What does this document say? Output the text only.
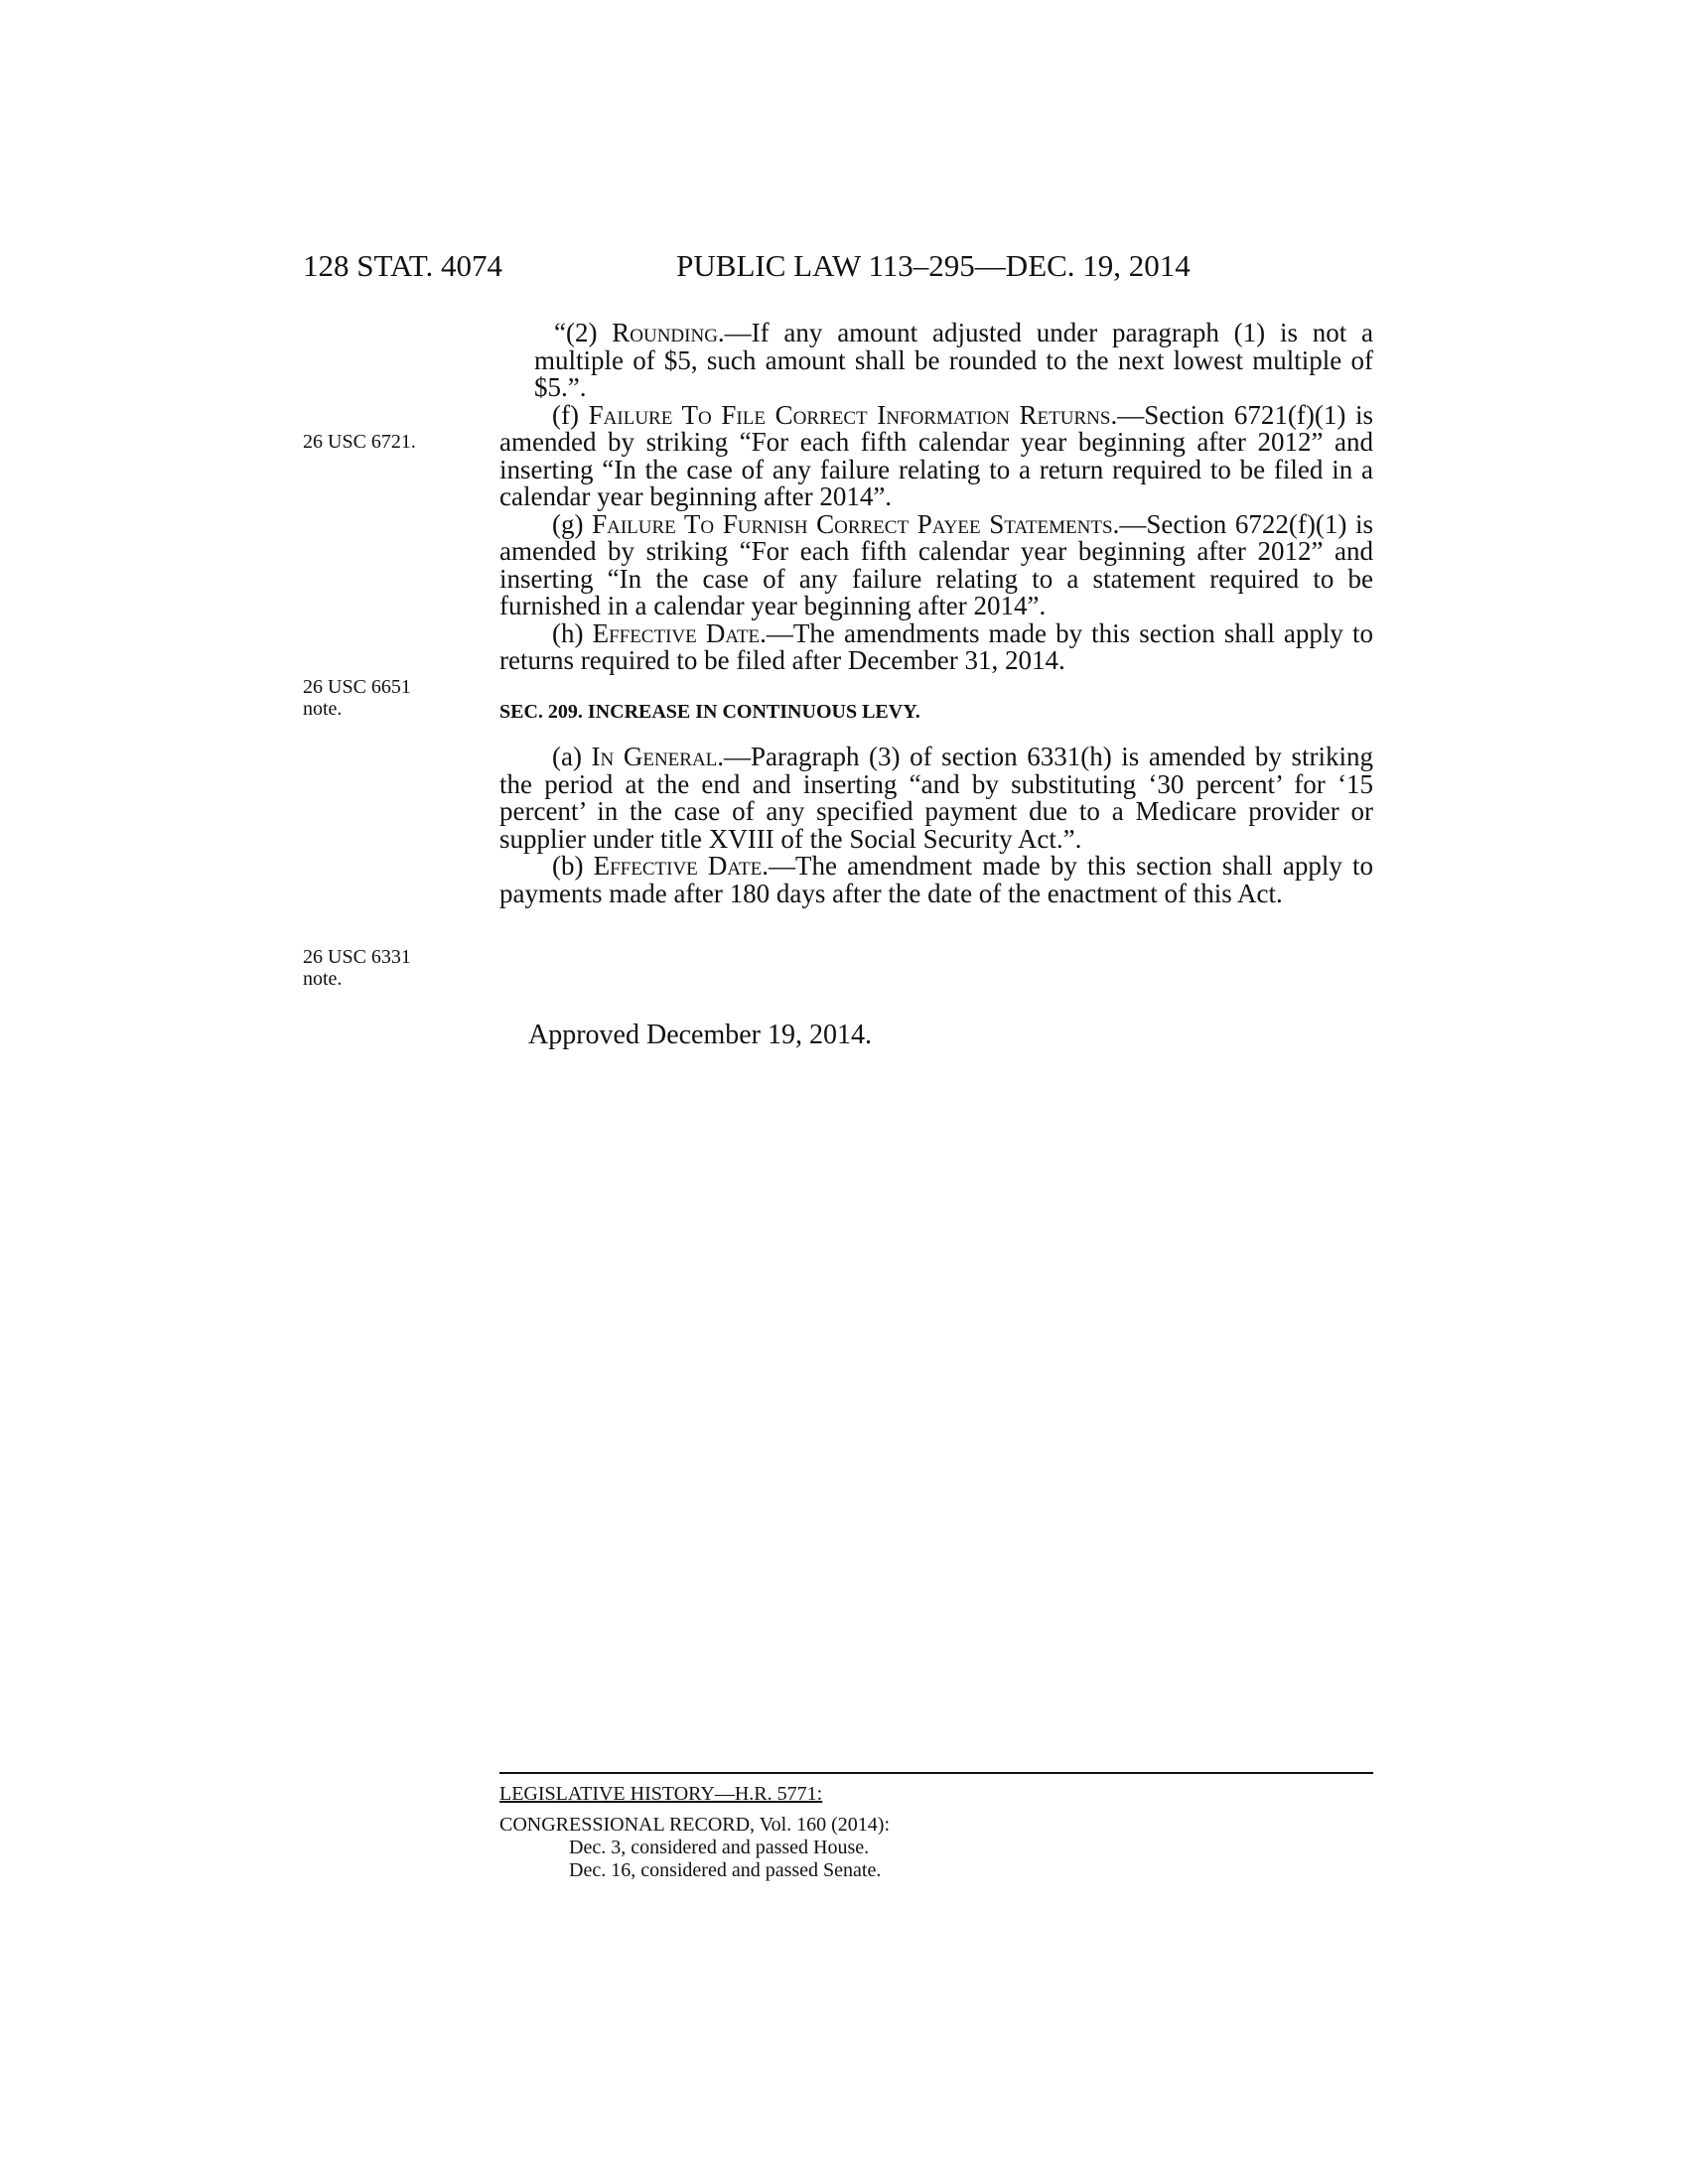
128 STAT. 4074	PUBLIC LAW 113–295—DEC. 19, 2014
26 USC 6721.
26 USC 6651
note.
26 USC 6331
note.

“(2) Rounding.—If any amount adjusted under paragraph (1) is not a multiple of $5, such amount shall be rounded to the next lowest multiple of $5.”.

(f) Failure To File Correct Information Returns.—Section 6721(f)(1) is amended by striking “For each fifth calendar year beginning after 2012” and inserting “In the case of any failure relating to a return required to be filed in a calendar year beginning after 2014”.

(g) Failure To Furnish Correct Payee Statements.—Section 6722(f)(1) is amended by striking “For each fifth calendar year beginning after 2012” and inserting “In the case of any failure relating to a statement required to be furnished in a calendar year beginning after 2014”.

(h) Effective Date.—The amendments made by this section shall apply to returns required to be filed after December 31, 2014.

SEC. 209. INCREASE IN CONTINUOUS LEVY.

(a) In General.—Paragraph (3) of section 6331(h) is amended by striking the period at the end and inserting “and by substituting ‘30 percent’ for ‘15 percent’ in the case of any specified payment due to a Medicare provider or supplier under title XVIII of the Social Security Act.”.

(b) Effective Date.—The amendment made by this section shall apply to payments made after 180 days after the date of the enactment of this Act.

Approved December 19, 2014.
LEGISLATIVE HISTORY—H.R. 5771:
CONGRESSIONAL RECORD, Vol. 160 (2014):
Dec. 3, considered and passed House.
Dec. 16, considered and passed Senate.
